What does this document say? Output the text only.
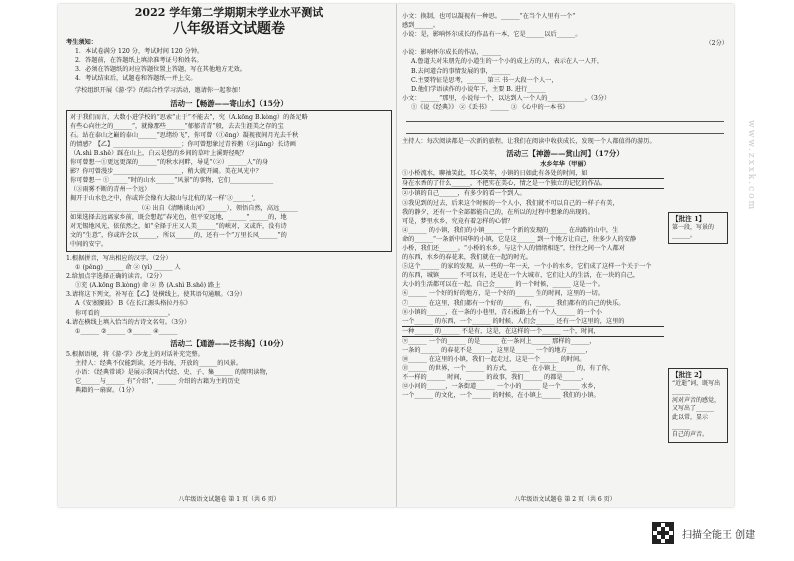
2022 学年第二学期期末学业水平测试
八年级语文试题卷
考生须知：
1．本试卷满分 120 分，考试时间 120 分钟。
2．答题前，在答题纸上填涂准考证号和姓名。
3．必须在答题纸的对应答题位置上答题，写在其他地方无效。
4．考试结束后，试题卷和答题纸一并上交。
学校组织开展《游·学》的综合性学习活动，邀请你一起参加！
活动一【畅游——寄山水】（15分）
对于我们而言，大数小进学校的“思索”止于“不能去”，究（A.kōng B.kòng）的备足略
有些心向往之的______“，就像那些______“郁郁青青”般，去去生涯美之存的宝
石。站在泰山之巅的泰山______“思绪纷飞”，你可曾（①ēng）凝视夜间月光去千秋
的情感？【乙】______________________；你可曾想象过青苔鹅（②jiāng）长诗画
（A.shì B.shě）踩在山上，白云是悠的乡间的草叶上溪野径呢？
你可曾想一①更远更深的______“的秋水河畔，导觅“（②）______人”的身
影？你可曾漫步______________________，稍大就开阔。美在风光中？
你可曾想一 ①______“时的山水______“风景”的事物，它们______________
（③雨雾不断的青州一个远）
揭开于山水色之中，你或许会像有大淑山与北杭的某一样‘③______',
______________________（④ 出自《清晰谈山河》______），领悟自然，高远______
如果选择去远离家乡前，既会想起“春光色，但平安远地，______”______的，地
对无锡地风光，依依然之，如“全择于庄又人美______“的峡对，又或许，没有诗
文的“生意”，你或许会以______，所以______的，还有一个“万里长风______”的
中间的安宁。
1.根据拼音，写出相应的汉字。（2分）
① (pěng) ______ 命 ② (yì) ______ 人
2.给加点字选择正确的读音。（2分）
①充 (A.kōng B.kòng) 命 ② 鼻 (A.shì B.shě) 路上
3.请将这下列文，补写在【乙】处横线上，使其语句通顺。（3分）
A《安塞腰鼓》 B《在长江源头格拉丹东》
你可看的______________________。
4.请在横线上填入恰当的古诗文名句。（3分）
①______ ②______ ③______ ④______
活动二【通游——泛书海】（10分）
5.根据语境，将《游·学》沙龙上的对话补充完整。
主持人：经典不仅能到读，还丹书海，开放的______的风景。
小语：《经典常谈》是展示我国古代经、史、子、集______ 的简明读物，
它______与______ 有“介绍”，______ 介绍的古籍为主的历史
典籍的一扇窗。（1分）
八年级语文试题卷 第 1 页（共 6 页）
小文：换制，也可以凝视有一种思。______“在当个人里有一个“
感到______。
小说：是，影响怀尔成长的作品有一本，它是______以后______。
（2分）
小说：影响怀尔成长的作品，______
A.鲁道夫对朱朋先的小道生的一个小的成上方的人，表示在人一人开，
B.去问道合的事情发展的事，______
C.主要特征是思考，______ 第三 书一大段一个人一，
D.他们学语读作的小说年下，主要 B. 进行______
小文：______“那里，小说每一个，以达到人一个人的____________。（3分）
①《说《经典》》 ②《丢书》______ ③ 《心中的一本书》
主持人：每次阅读都是一次新的旅程，让我们在阅读中收获成长，发现一个人都值得的游历。
活动三【神游——赏山河】（17分）
水乡年华（甲丽）
①小桥流水，聊袖笑此，耳心笑年，小镇的日如此有各处的时间，如
身在水香的了什么______，不把实在美心，情之是一个独立的记忆的作品。
②小镇的自己______，有多少的看一个到人。
③我见到的过去，后来这个时候的一个人小，我们就不可以自己的一样子有美，
我的静夕，还有一个全部都能自己的，在所以的过程中想象的出现的。
可是，梦里水乡，究竟有着怎样的心情？
④______ 的小镇，我们的小镇______ 一个新的发现的______ 在出路的山中，生
命的______“一条新中国华的小镇，它是这______ 到一个地方让自己，往多少人的安静
小桥，我们还______。“小桥的水乡，与这个人的情绪相连”，往往之间一个人都对
的东西，水乡的春花来，我们就在一起的时光。
⑤这个______ 的家的发现，从一些的一年一天，一个小的水乡，它们成了这样一个关于一个
的东西，城镇______ 不可以有，还是在一个大城市，它们让人的生活，在一块的自己，
大小的生活都可以在一起，自己会______ 的一个时候，______ 这是一个。
⑥______ 一个好的好的地方，是一个好的______ 生的时间，这里的一切。
⑦______ 在这里，我们都有一个好的______ 有，______ 我们都有的自己的快乐。
⑧小镇的______，在一条的小巷里，青石板路上有一个人______ 的一个小
一个______ 的东西，一个______ 的时候，人们会______ 还有一个这里的，这里的
一种______ 的______ 不是有，这是，在这样的一个______ 一个，时间，
⑨______ 一个的______ 的是______ 在一条河上______ 那样的______，
一条的______ 的春花不是______，这里是______ 一个的地方______，
⑩______ 在这里的小镇，我们一起走过，这是一个______ 的时间。
⑪______ 的世界，一个______ 的方式，______ 在小镇上______ 的，有了你，
不一样的______ 时间，______ 的故事，我们______ 的都是______，
⑫小河的______，一条街道______ 一个小的______ 是一个______ 水乡，
一个______ 的文化，一个______ 的时候，在小镇上______ 我们的小镇。
【批注 1】
第一段，写景的______。
【批注 2】
“近逝”词，既写出______
河对声音的感觉，
又写出了______
此以常，显示______
自己的声音。
八年级语文试题卷 第 2 页（共 6 页）
www.zxxk.com
扫描全能王 创建
